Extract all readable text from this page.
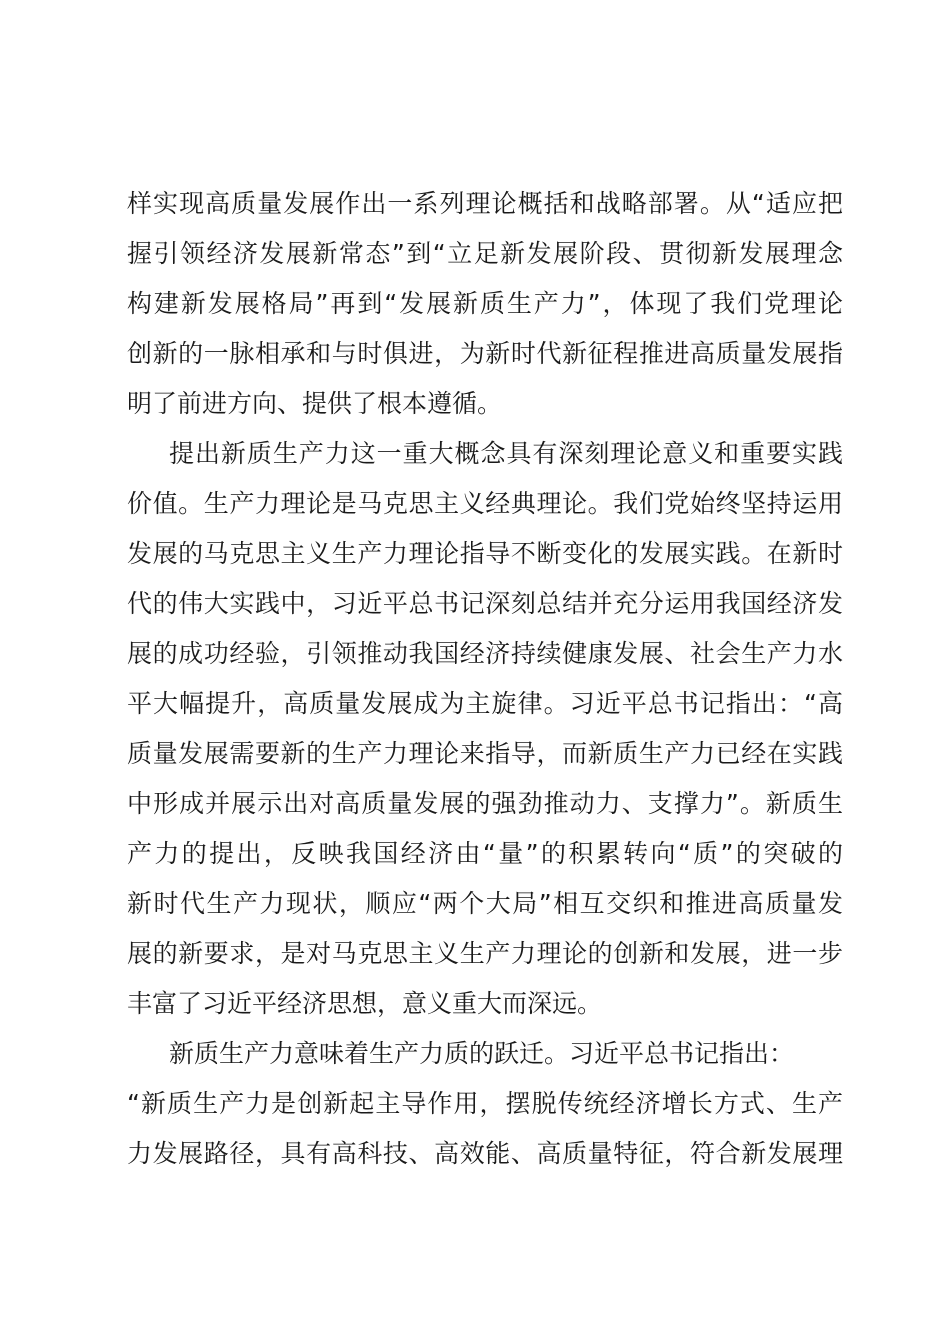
样实现高质量发展作出一系列理论概括和战略部署。从“适应把
握引领经济发展新常态”到“立足新发展阶段、贯彻新发展理念
构建新发展格局”再到“发展新质生产力”，体现了我们党理论
创新的一脉相承和与时俱进，为新时代新征程推进高质量发展指
明了前进方向、提供了根本遵循。
提出新质生产力这一重大概念具有深刻理论意义和重要实践
价值。生产力理论是马克思主义经典理论。我们党始终坚持运用
发展的马克思主义生产力理论指导不断变化的发展实践。在新时
代的伟大实践中，习近平总书记深刻总结并充分运用我国经济发
展的成功经验，引领推动我国经济持续健康发展、社会生产力水
平大幅提升，高质量发展成为主旋律。习近平总书记指出：“高
质量发展需要新的生产力理论来指导，而新质生产力已经在实践
中形成并展示出对高质量发展的强劲推动力、支撑力”。新质生
产力的提出，反映我国经济由“量”的积累转向“质”的突破的
新时代生产力现状，顺应“两个大局”相互交织和推进高质量发
展的新要求，是对马克思主义生产力理论的创新和发展，进一步
丰富了习近平经济思想，意义重大而深远。
新质生产力意味着生产力质的跃迁。习近平总书记指出：
“新质生产力是创新起主导作用，摆脱传统经济增长方式、生产
力发展路径，具有高科技、高效能、高质量特征，符合新发展理
